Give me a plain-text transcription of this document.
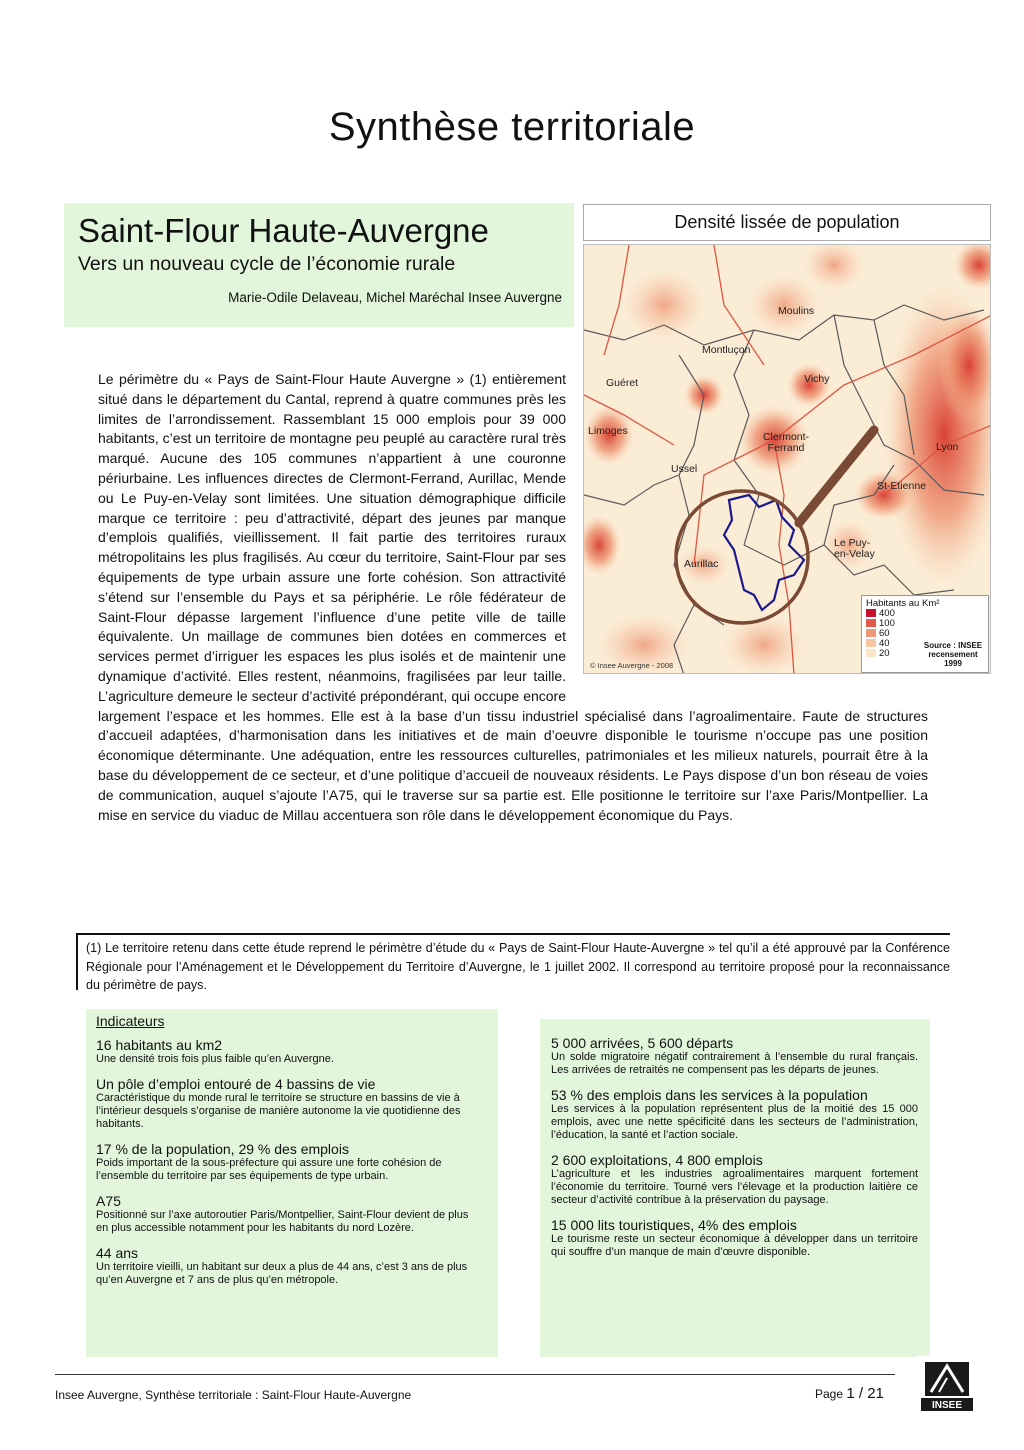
Synthèse territoriale
Saint-Flour Haute-Auvergne
Vers un nouveau cycle de l’économie rurale
Marie-Odile Delaveau, Michel Maréchal Insee Auvergne
Densité lissée de population
Moulins
Montluçon
Guéret	Vichy
Limoges	Clermont-Ferrand	Lyon
Ussel
St-Etienne
Aurillac
Le Puy-en-Velay
Habitants au Km²
400
100
60
40
20
Source : INSEE recensement 1999
© Insee Auvergne - 2008

Le périmètre du « Pays de Saint-Flour Haute Auvergne » (1) entièrement situé dans le département du Cantal, reprend à quatre communes près les limites de l’arrondissement. Rassemblant 15 000 emplois pour 39 000 habitants, c’est un territoire de montagne peu peuplé au caractère rural très marqué. Aucune des 105 communes n’appartient à une couronne périurbaine. Les influences directes de Clermont-Ferrand, Aurillac, Mende ou Le Puy-en-Velay sont limitées. Une situation démographique difficile marque ce territoire : peu d’attractivité, départ des jeunes par manque d’emplois qualifiés, vieillissement. Il fait partie des territoires ruraux métropolitains les plus fragilisés. Au cœur du territoire, Saint-Flour par ses équipements de type urbain assure une forte cohésion. Son attractivité s’étend sur l’ensemble du Pays et sa périphérie. Le rôle fédérateur de Saint-Flour dépasse largement l’influence d’une petite ville de taille équivalente. Un maillage de communes bien dotées en commerces et services permet d’irriguer les espaces les plus isolés et de maintenir une dynamique d’activité. Elles restent, néanmoins, fragilisées par leur taille. L’agriculture demeure le secteur d’activité prépondérant, qui occupe encore largement l’espace et les hommes. Elle est à la base d’un tissu industriel spécialisé dans l’agroalimentaire. Faute de structures d’accueil adaptées, d’harmonisation dans les initiatives et de main d’oeuvre disponible le tourisme n’occupe pas une position économique déterminante. Une adéquation, entre les ressources culturelles, patrimoniales et les milieux naturels, pourrait être à la base du développement de ce secteur, et d’une politique d’accueil de nouveaux résidents. Le Pays dispose d’un bon réseau de voies de communication, auquel s’ajoute l’A75, qui le traverse sur sa partie est. Elle positionne le territoire sur l’axe Paris/Montpellier. La mise en service du viaduc de Millau accentuera son rôle dans le développement économique du Pays.

(1) Le territoire retenu dans cette étude reprend le périmètre d’étude du « Pays de Saint-Flour Haute-Auvergne » tel qu’il a été approuvé par la Conférence Régionale pour l’Aménagement et le Développement du Territoire d’Auvergne, le 1 juillet 2002. Il correspond au territoire proposé pour la reconnaissance du périmètre de pays.
Indicateurs
16 habitants au km2
Une densité trois fois plus faible qu’en Auvergne.
Un pôle d’emploi entouré de 4 bassins de vie
Caractéristique du monde rural le territoire se structure en bassins de vie à l’intérieur desquels s’organise de manière autonome la vie quotidienne des habitants.
17 % de la population, 29 % des emplois
Poids important de la sous-préfecture qui assure une forte cohésion de l’ensemble du territoire par ses équipements de type urbain.
A75
Positionné sur l’axe autoroutier Paris/Montpellier, Saint-Flour devient de plus en plus accessible notamment pour les habitants du nord Lozère.
44 ans
Un territoire vieilli, un habitant sur deux a plus de 44 ans, c’est 3 ans de plus qu’en Auvergne et 7 ans de plus qu’en métropole.
5 000 arrivées, 5 600 départs
Un solde migratoire négatif contrairement à l’ensemble du rural français. Les arrivées de retraités ne compensent pas les départs de jeunes.
53 % des emplois dans les services à la population
Les services à la population représentent plus de la moitié des 15 000 emplois, avec une nette spécificité dans les secteurs de l’administration, l’éducation, la santé et l’action sociale.
2 600 exploitations, 4 800 emplois
L’agriculture et les industries agroalimentaires marquent fortement l’économie du territoire. Tourné vers l’élevage et la production laitière ce secteur d’activité contribue à la préservation du paysage.
15 000 lits touristiques, 4% des emplois
Le tourisme reste un secteur économique à développer dans un territoire qui souffre d’un manque de main d’œuvre disponible.
Insee Auvergne, Synthèse territoriale : Saint-Flour Haute-Auvergne	Page 1 / 21
INSEE
